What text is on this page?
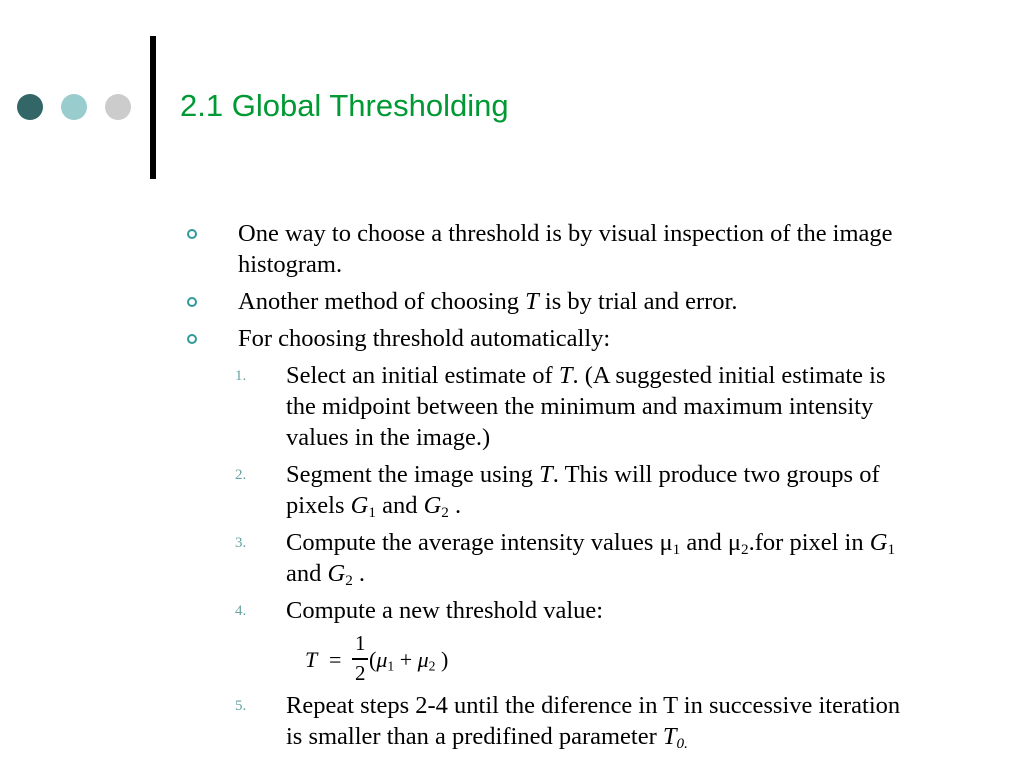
2.1 Global Thresholding
One way to choose a threshold is by visual inspection of the image histogram.
Another method of choosing T is by trial and error.
For choosing threshold automatically:
1 . Select an initial estimate of T. (A suggested initial estimate is the midpoint between the minimum and maximum intensity values in the image.)
2 . Segment the image using T. This will produce two groups of pixels $G_1$ and $G_2$ .
3 . Compute the average intensity values $\mu_1$ and $\mu_2.for$ pixel in $G_1$ and $G_2$ .
4 . Compute a new threshold value:
T =
1
2
($\mu_1 + \mu_2$ )
5 . Repeat steps 2-4 until the diference in T in successive iteration is smaller than a predifined parameter $T_{0.}$
